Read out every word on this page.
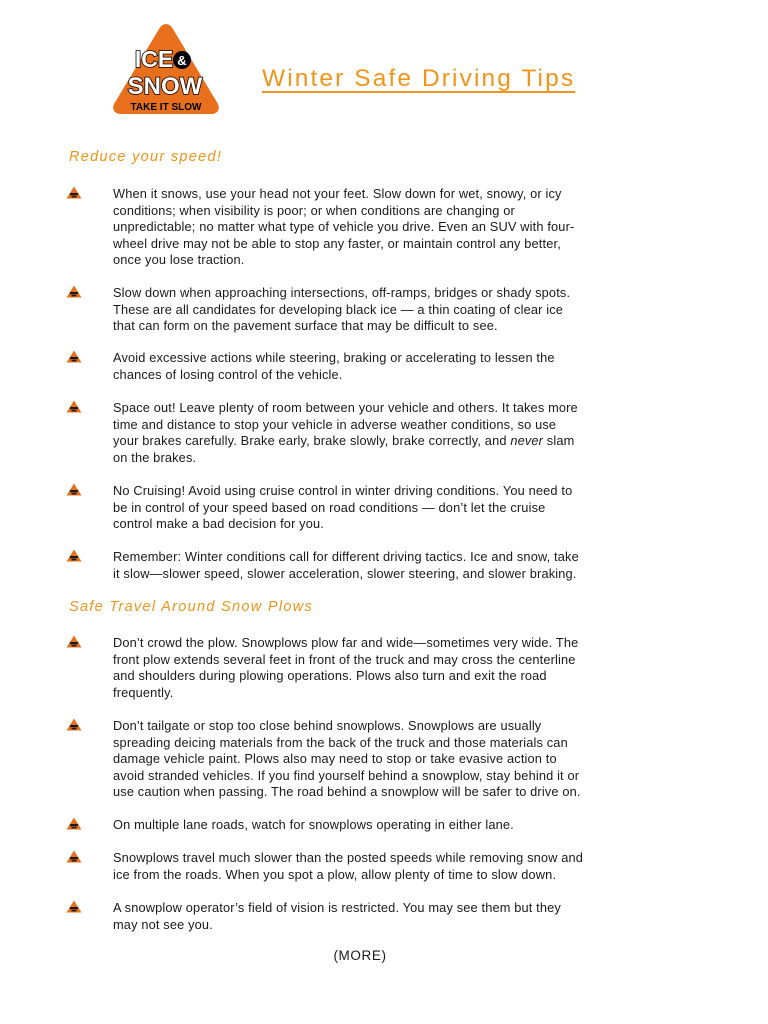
ICE &
SNOW
TAKE IT SLOW
Winter Safe Driving Tips
Reduce your speed!
When it snows, use your head not your feet. Slow down for wet, snowy, or icy
conditions; when visibility is poor; or when conditions are changing or
unpredictable; no matter what type of vehicle you drive. Even an SUV with four-
wheel drive may not be able to stop any faster, or maintain control any better,
once you lose traction.
Slow down when approaching intersections, off-ramps, bridges or shady spots.
These are all candidates for developing black ice — a thin coating of clear ice
that can form on the pavement surface that may be difficult to see.
Avoid excessive actions while steering, braking or accelerating to lessen the
chances of losing control of the vehicle.
Space out! Leave plenty of room between your vehicle and others. It takes more
time and distance to stop your vehicle in adverse weather conditions, so use
your brakes carefully. Brake early, brake slowly, brake correctly, and never slam
on the brakes.
No Cruising! Avoid using cruise control in winter driving conditions. You need to
be in control of your speed based on road conditions — don’t let the cruise
control make a bad decision for you.
Remember: Winter conditions call for different driving tactics. Ice and snow, take
it slow—slower speed, slower acceleration, slower steering, and slower braking.
Safe Travel Around Snow Plows
Don’t crowd the plow. Snowplows plow far and wide—sometimes very wide. The
front plow extends several feet in front of the truck and may cross the centerline
and shoulders during plowing operations. Plows also turn and exit the road
frequently.
Don’t tailgate or stop too close behind snowplows. Snowplows are usually
spreading deicing materials from the back of the truck and those materials can
damage vehicle paint. Plows also may need to stop or take evasive action to
avoid stranded vehicles. If you find yourself behind a snowplow, stay behind it or
use caution when passing. The road behind a snowplow will be safer to drive on.
On multiple lane roads, watch for snowplows operating in either lane.
Snowplows travel much slower than the posted speeds while removing snow and
ice from the roads. When you spot a plow, allow plenty of time to slow down.
A snowplow operator’s field of vision is restricted. You may see them but they
may not see you.
(MORE)
